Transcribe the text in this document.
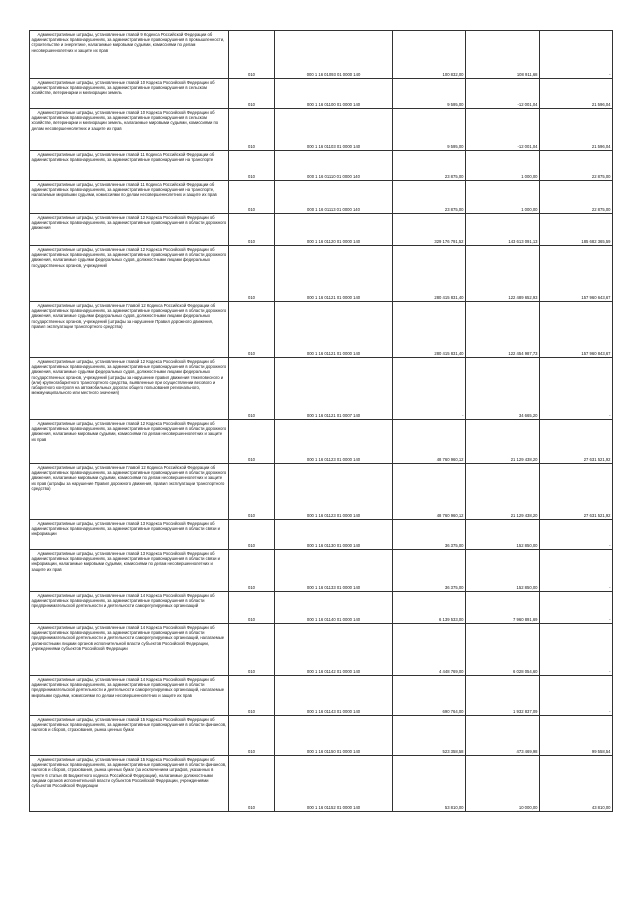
Административные штрафы, установленные главой 9 Кодекса Российской Федерации об административных правонарушениях, за административные правонарушения в промышленности, строительстве и энергетике, налагаемые мировыми судьями, комиссиями по делам несовершеннолетних и защите их прав	010	000 1 16 01093 01 0000 140	100 832,00	108 911,68	-

Административные штрафы, установленные главой 10 Кодекса Российской Федерации об административных правонарушениях, за административные правонарушения в сельском хозяйстве, ветеринарии и мелиорации земель	010	000 1 16 01100 01 0000 140	9 595,00	-12 001,04	21 596,04

Административные штрафы, установленные главой 10 Кодекса Российской Федерации об административных правонарушениях, за административные правонарушения в сельском хозяйстве, ветеринарии и мелиорации земель, налагаемые мировыми судьями, комиссиями по делам несовершеннолетних и защите их прав	010	000 1 16 01103 01 0000 140	9 595,00	-12 001,04	21 596,04

Административные штрафы, установленные главой 11 Кодекса Российской Федерации об административных правонарушениях, за административные правонарушения на транспорте	010	000 1 16 01110 01 0000 140	23 875,00	1 000,00	22 875,00

Административные штрафы, установленные главой 11 Кодекса Российской Федерации об административных правонарушениях, за административные правонарушения на транспорте, налагаемые мировыми судьями, комиссиями по делам несовершеннолетних и защите их прав	010	000 1 16 01113 01 0000 140	23 875,00	1 000,00	22 875,00

Административные штрафы, установленные главой 12 Кодекса Российской Федерации об административных правонарушениях, за административные правонарушения в области дорожного движения	010	000 1 16 01120 01 0000 140	329 176 791,52	143 613 091,13	185 682 365,59

Административные штрафы, установленные главой 12 Кодекса Российской Федерации об административных правонарушениях, за административные правонарушения в области дорожного движения, налагаемые судьями федеральных судов, должностными лицами федеральных государственных органов, учреждений	010	000 1 16 01121 01 0000 140	280 415 831,40	122 489 652,93	157 960 643,67

Административные штрафы, установленные Главой 12 Кодекса Российской Федерации об административных правонарушениях, за административные правонарушения в области дорожного движения, налагаемые судьями федеральных судов, должностными лицами федеральных государственных органов, учреждений (штрафы за нарушение Правил дорожного движения, правил эксплуатации транспортного средства)	010	000 1 16 01121 01 0000 140	280 415 831,40	122 454 987,73	157 960 843,67

Административные штрафы, установленные главой 12 Кодекса Российской Федерации об административных правонарушениях, за административные правонарушения в области дорожного движения, налагаемые судьями федеральных судов, должностными лицами федеральных государственных органов, учреждений (штрафы за нарушение правил движения тяжеловесного и (или) крупногабаритного транспортного средства, выявленные при осуществлении весового и габаритного контроля на автомобильных дорогах общего пользования регионального, межмуниципального или местного значения)	010	000 1 16 01121 01 0007 140	-	34 665,20	-

Административные штрафы, установленные главой 12 Кодекса Российской Федерации об административных правонарушениях, за административные правонарушения в области дорожного движения, налагаемые мировыми судьями, комиссиями по делам несовершеннолетних и защите их прав	010	000 1 16 01123 01 0000 140	48 760 960,12	21 129 438,20	27 631 521,92

Административные штрафы, установленные Главой 12 Кодекса Российской Федерации об административных правонарушениях, за административные правонарушения в области дорожного движения, налагаемые мировыми судьями, комиссиями по делам несовершеннолетних и защите их прав (штрафы за нарушение Правил дорожного движения, правил эксплуатации транспортного средства)	010	000 1 16 01123 01 0000 140	48 760 960,12	21 129 438,20	27 631 521,92

Административные штрафы, установленные главой 13 Кодекса Российской Федерации об административных правонарушениях, за административные правонарушения в области связи и информации	010	000 1 16 01130 01 0000 140	36 375,00	152 850,00	-

Административные штрафы, установленные главой 13 Кодекса Российской Федерации об административных правонарушениях, за административные правонарушения в области связи и информации, налагаемые мировыми судьями, комиссиями по делам несовершеннолетних и защите их прав	010	000 1 16 01133 01 0000 140	36 375,00	152 850,00	-

Административные штрафы, установленные главой 14 Кодекса Российской Федерации об административных правонарушениях, за административные правонарушения в области предпринимательской деятельности и деятельности саморегулируемых организаций	010	000 1 16 01140 01 0000 140	6 139 533,00	7 960 891,69	-

Административные штрафы, установленные главой 14 Кодекса Российской Федерации об административных правонарушениях, за административные правонарушения в области предпринимательской деятельности и деятельности саморегулируемых организаций, налагаемые должностными лицами органов исполнительной власти субъектов Российской Федерации, учреждениями субъектов Российской Федерации	010	000 1 16 01142 01 0000 140	4 448 769,00	6 028 054,60	-

Административные штрафы, установленные главой 14 Кодекса Российской Федерации об административных правонарушениях, за административные правонарушения в области предпринимательской деятельности и деятельности саморегулируемых организаций, налагаемые мировыми судьями, комиссиями по делам несовершеннолетних и защите их прав	010	000 1 16 01143 01 0000 140	690 764,00	1 932 837,09	-

Административные штрафы, установленные главой 15 Кодекса Российской Федерации об административных правонарушениях, за административные правонарушения в области финансов, налогов и сборов, страхования, рынка ценных бумаг	010	000 1 16 01150 01 0000 140	523 358,58	473 469,98	99 558,54

Административные штрафы, установленные главой 15 Кодекса Российской Федерации об административных правонарушениях, за административные правонарушения в области финансов, налогов и сборов, страхования, рынка ценных бумаг (за исключением штрафов, указанных в пункте 6 статьи 46 Бюджетного кодекса Российской Федерации), налагаемые должностными лицами органов исполнительной власти субъектов Российской Федерации, учреждениями субъектов Российской Федерации	010	000 1 16 01152 01 0000 140	53 810,00	10 000,00	43 810,00
